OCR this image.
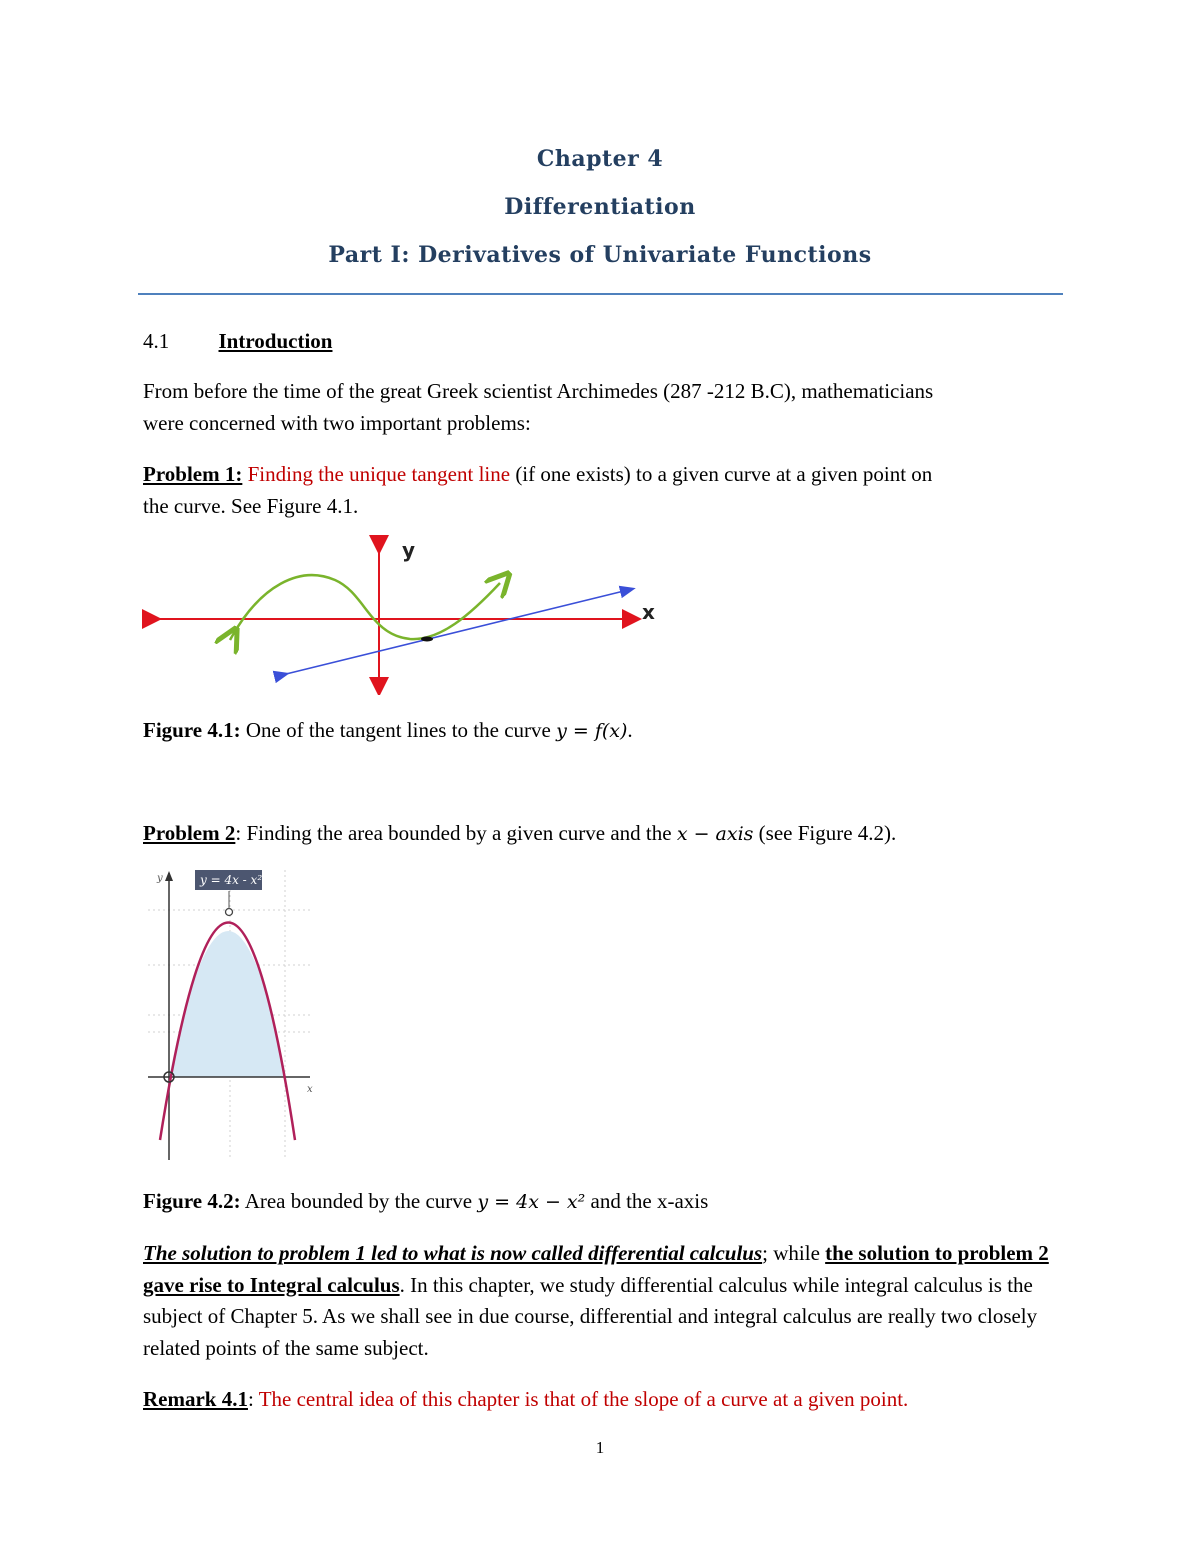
Chapter 4
Differentiation
Part I: Derivatives of Univariate Functions
4.1 Introduction
From before the time of the great Greek scientist Archimedes (287 -212 B.C), mathematicians
were concerned with two important problems:
Problem 1: Finding the unique tangent line (if one exists) to a given curve at a given point on
the curve. See Figure 4.1.
y
x
Figure 4.1: One of the tangent lines to the curve y = f(x).
Problem 2: Finding the area bounded by a given curve and the x − axis (see Figure 4.2).
y = 4x - x²
y
x
Figure 4.2: Area bounded by the curve y = 4x − x² and the x-axis
The solution to problem 1 led to what is now called differential calculus; while the solution to problem 2 gave rise to Integral calculus. In this chapter, we study differential calculus while integral calculus is the subject of Chapter 5. As we shall see in due course, differential and integral calculus are really two closely related points of the same subject.
Remark 4.1: The central idea of this chapter is that of the slope of a curve at a given point.
1
